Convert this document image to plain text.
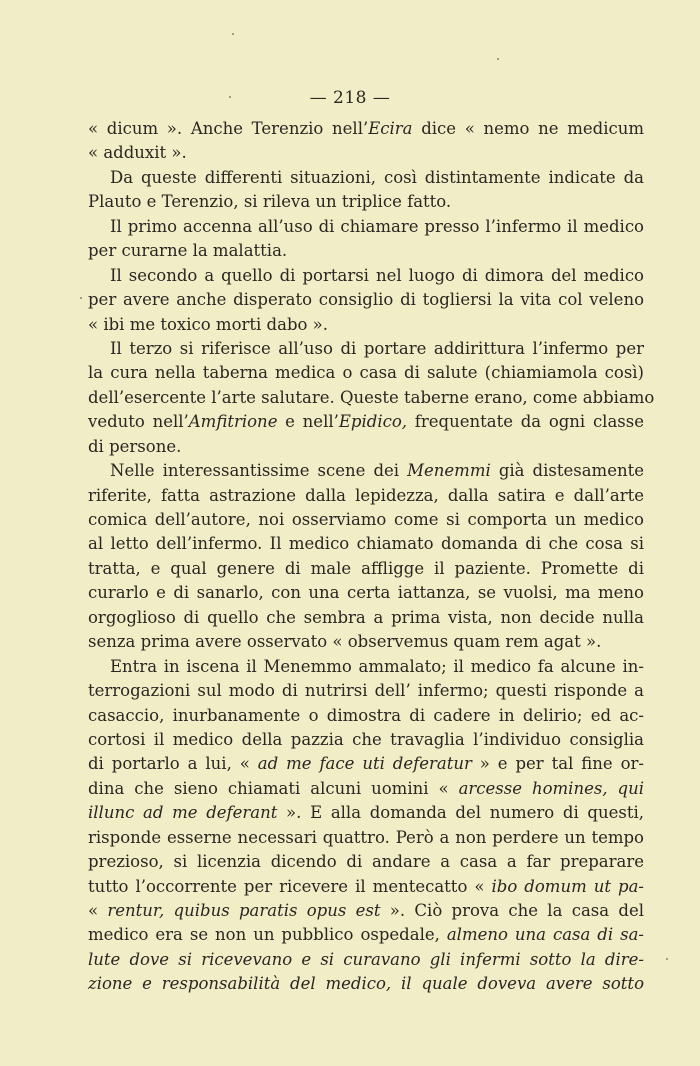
— 218 —
« dicum ». Anche Terenzio nell’Ecira dice « nemo ne medicum
« adduxit ».
Da queste differenti situazioni, così distintamente indicate da
Plauto e Terenzio, si rileva un triplice fatto.
Il primo accenna all’uso di chiamare presso l’infermo il medico
per curarne la malattia.
Il secondo a quello di portarsi nel luogo di dimora del medico
per avere anche disperato consiglio di togliersi la vita col veleno
« ibi me toxico morti dabo ».
Il terzo si riferisce all’uso di portare addirittura l’infermo per
la cura nella taberna medica o casa di salute (chiamiamola così)
dell’esercente l’arte salutare. Queste taberne erano, come abbiamo
veduto nell’Amfitrione e nell’Epidico, frequentate da ogni classe
di persone.
Nelle interessantissime scene dei Menemmi già distesamente
riferite, fatta astrazione dalla lepidezza, dalla satira e dall’arte
comica dell’autore, noi osserviamo come si comporta un medico
al letto dell’infermo. Il medico chiamato domanda di che cosa si
tratta, e qual genere di male affligge il paziente. Promette di
curarlo e di sanarlo, con una certa iattanza, se vuolsi, ma meno
orgoglioso di quello che sembra a prima vista, non decide nulla
senza prima avere osservato « observemus quam rem agat ».
Entra in iscena il Menemmo ammalato; il medico fa alcune in-
terrogazioni sul modo di nutrirsi dell’ infermo; questi risponde a
casaccio, inurbanamente o dimostra di cadere in delirio; ed ac-
cortosi il medico della pazzia che travaglia l’individuo consiglia
di portarlo a lui, « ad me face uti deferatur » e per tal fine or-
dina che sieno chiamati alcuni uomini « arcesse homines, qui
illunc ad me deferant ». E alla domanda del numero di questi,
risponde esserne necessari quattro. Però a non perdere un tempo
prezioso, si licenzia dicendo di andare a casa a far preparare
tutto l’occorrente per ricevere il mentecatto « ibo domum ut pa-
« rentur, quibus paratis opus est ». Ciò prova che la casa del
medico era se non un pubblico ospedale, almeno una casa di sa-
lute dove si ricevevano e si curavano gli infermi sotto la dire-
zione e responsabilità del medico, il quale doveva avere sotto
